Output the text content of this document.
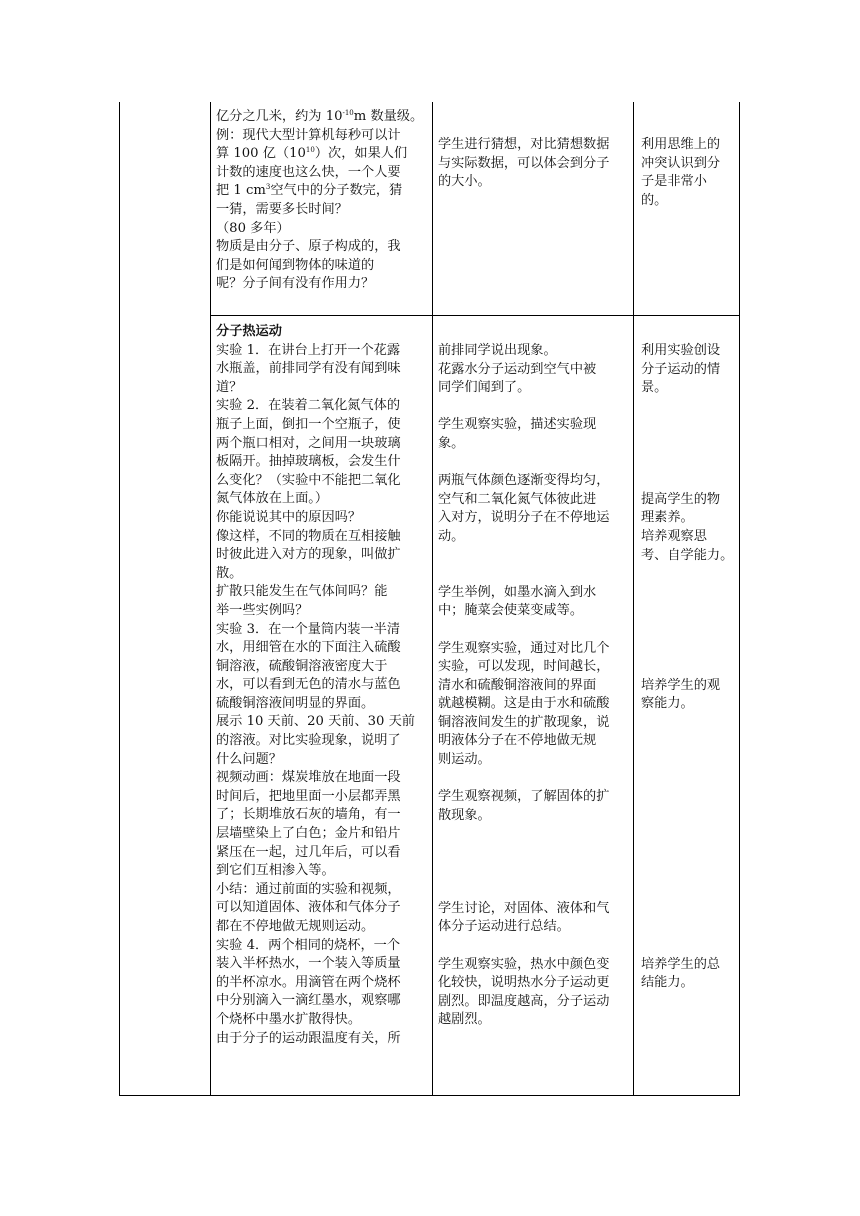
亿分之几米，约为 $10^{-10}m$ 数量级。

例：现代大型计算机每秒可以计

算 100 亿$(10^{10})$次，如果人们

计数的速度也这么快，一个人要

把 1 $cm^3$空气中的分子数完，猜

一猜，需要多长时间？

（80 多年）

物质是由分子、原子构成的，我

们是如何闻到物体的味道的

呢？分子间有没有作用力？

学生进行猜想，对比猜想数据

与实际数据，可以体会到分子

的大小。

利用思维上的

冲突认识到分

子是非常小

的。

分子热运动

实验 1．在讲台上打开一个花露

水瓶盖，前排同学有没有闻到味

道？

实验 2．在装着二氧化氮气体的

瓶子上面，倒扣一个空瓶子，使

两个瓶口相对，之间用一块玻璃

板隔开。抽掉玻璃板，会发生什

么变化？（实验中不能把二氧化

氮气体放在上面。）

你能说说其中的原因吗？

像这样，不同的物质在互相接触

时彼此进入对方的现象，叫做扩

散。

扩散只能发生在气体间吗？能

举一些实例吗？

实验 3．在一个量筒内装一半清

水，用细管在水的下面注入硫酸

铜溶液，硫酸铜溶液密度大于

水，可以看到无色的清水与蓝色

硫酸铜溶液间明显的界面。

展示 10 天前、20 天前、30 天前

的溶液。对比实验现象，说明了

什么问题？

视频动画：煤炭堆放在地面一段

时间后，把地里面一小层都弄黑

了；长期堆放石灰的墙角，有一

层墙壁染上了白色；金片和铅片

紧压在一起，过几年后，可以看

到它们互相渗入等。

小结：通过前面的实验和视频，

可以知道固体、液体和气体分子

都在不停地做无规则运动。

实验 4．两个相同的烧杯，一个

装入半杯热水，一个装入等质量

的半杯凉水。用滴管在两个烧杯

中分别滴入一滴红墨水，观察哪

个烧杯中墨水扩散得快。

由于分子的运动跟温度有关，所

前排同学说出现象。

花露水分子运动到空气中被

同学们闻到了。

学生观察实验，描述实验现

象。

两瓶气体颜色逐渐变得均匀，

空气和二氧化氮气体彼此进

入对方，说明分子在不停地运

动。

学生举例，如墨水滴入到水

中；腌菜会使菜变咸等。

学生观察实验，通过对比几个

实验，可以发现，时间越长，

清水和硫酸铜溶液间的界面

就越模糊。这是由于水和硫酸

铜溶液间发生的扩散现象，说

明液体分子在不停地做无规

则运动。

学生观察视频，了解固体的扩

散现象。

学生讨论，对固体、液体和气

体分子运动进行总结。

学生观察实验，热水中颜色变

化较快，说明热水分子运动更

剧烈。即温度越高，分子运动

越剧烈。

利用实验创设

分子运动的情

景。

提高学生的物

理素养。

培养观察思

考、自学能力。

培养学生的观

察能力。

培养学生的总

结能力。
